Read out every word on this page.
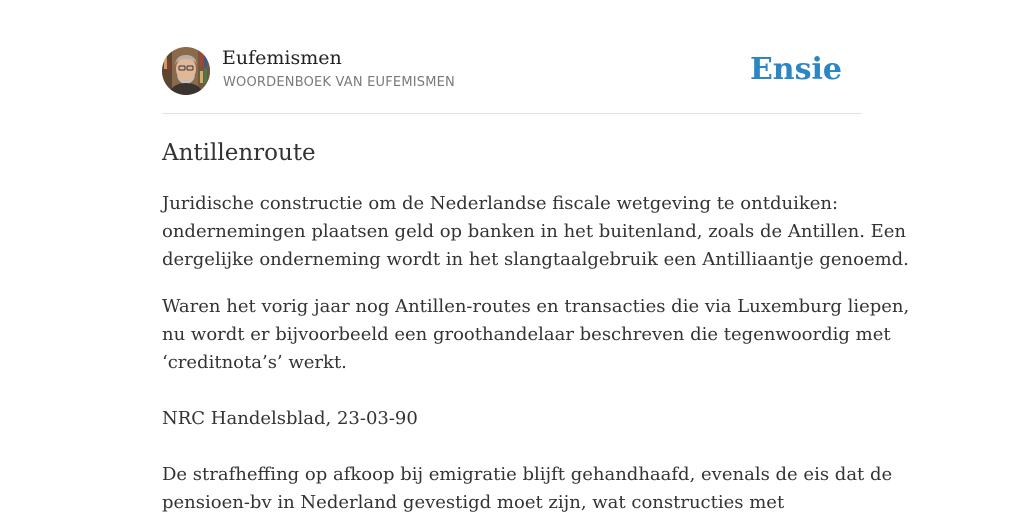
Eufemismen
WOORDENBOEK VAN EUFEMISMEN	Ensie
Antillenroute

Juridische constructie om de Nederlandse fiscale wetgeving te ontduiken:

ondernemingen plaatsen geld op banken in het buitenland, zoals de Antillen. Een

dergelijke onderneming wordt in het slangtaalgebruik een Antilliaantje genoemd.

Waren het vorig jaar nog Antillen-routes en transacties die via Luxemburg liepen,

nu wordt er bijvoorbeeld een groothandelaar beschreven die tegenwoordig met

‘creditnota’s’ werkt.

NRC Handelsblad, 23-03-90

De strafheffing op afkoop bij emigratie blijft gehandhaafd, evenals de eis dat de

pensioen-bv in Nederland gevestigd moet zijn, wat constructies met
